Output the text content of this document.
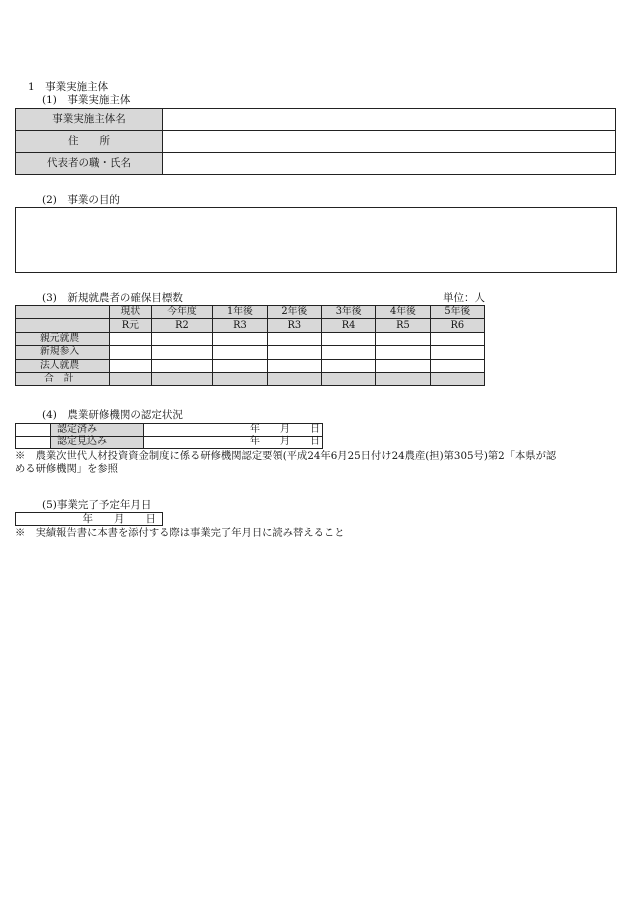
1　事業実施主体
(1)　事業実施主体
事業実施主体名	
住　　所	
代表者の職・氏名	
(2)　事業の目的
(3)　新規就農者の確保目標数	単位：人
	現状	今年度	1年後	2年後	3年後	4年後	5年後
	R元	R2	R3	R3	R4	R5	R6
親元就農							
新規参入							
法人就農							
合　計							
(4)　農業研修機関の認定状況
	認定済み	年　　月　　日
	認定見込み	年　　月　　日
※　農業次世代人材投資資金制度に係る研修機関認定要領(平成24年6月25日付け24農産(担)第305号)第2「本県が認
める研修機関」を参照
(5)事業完了予定年月日
年　　月　　日
※　実績報告書に本書を添付する際は事業完了年月日に読み替えること
